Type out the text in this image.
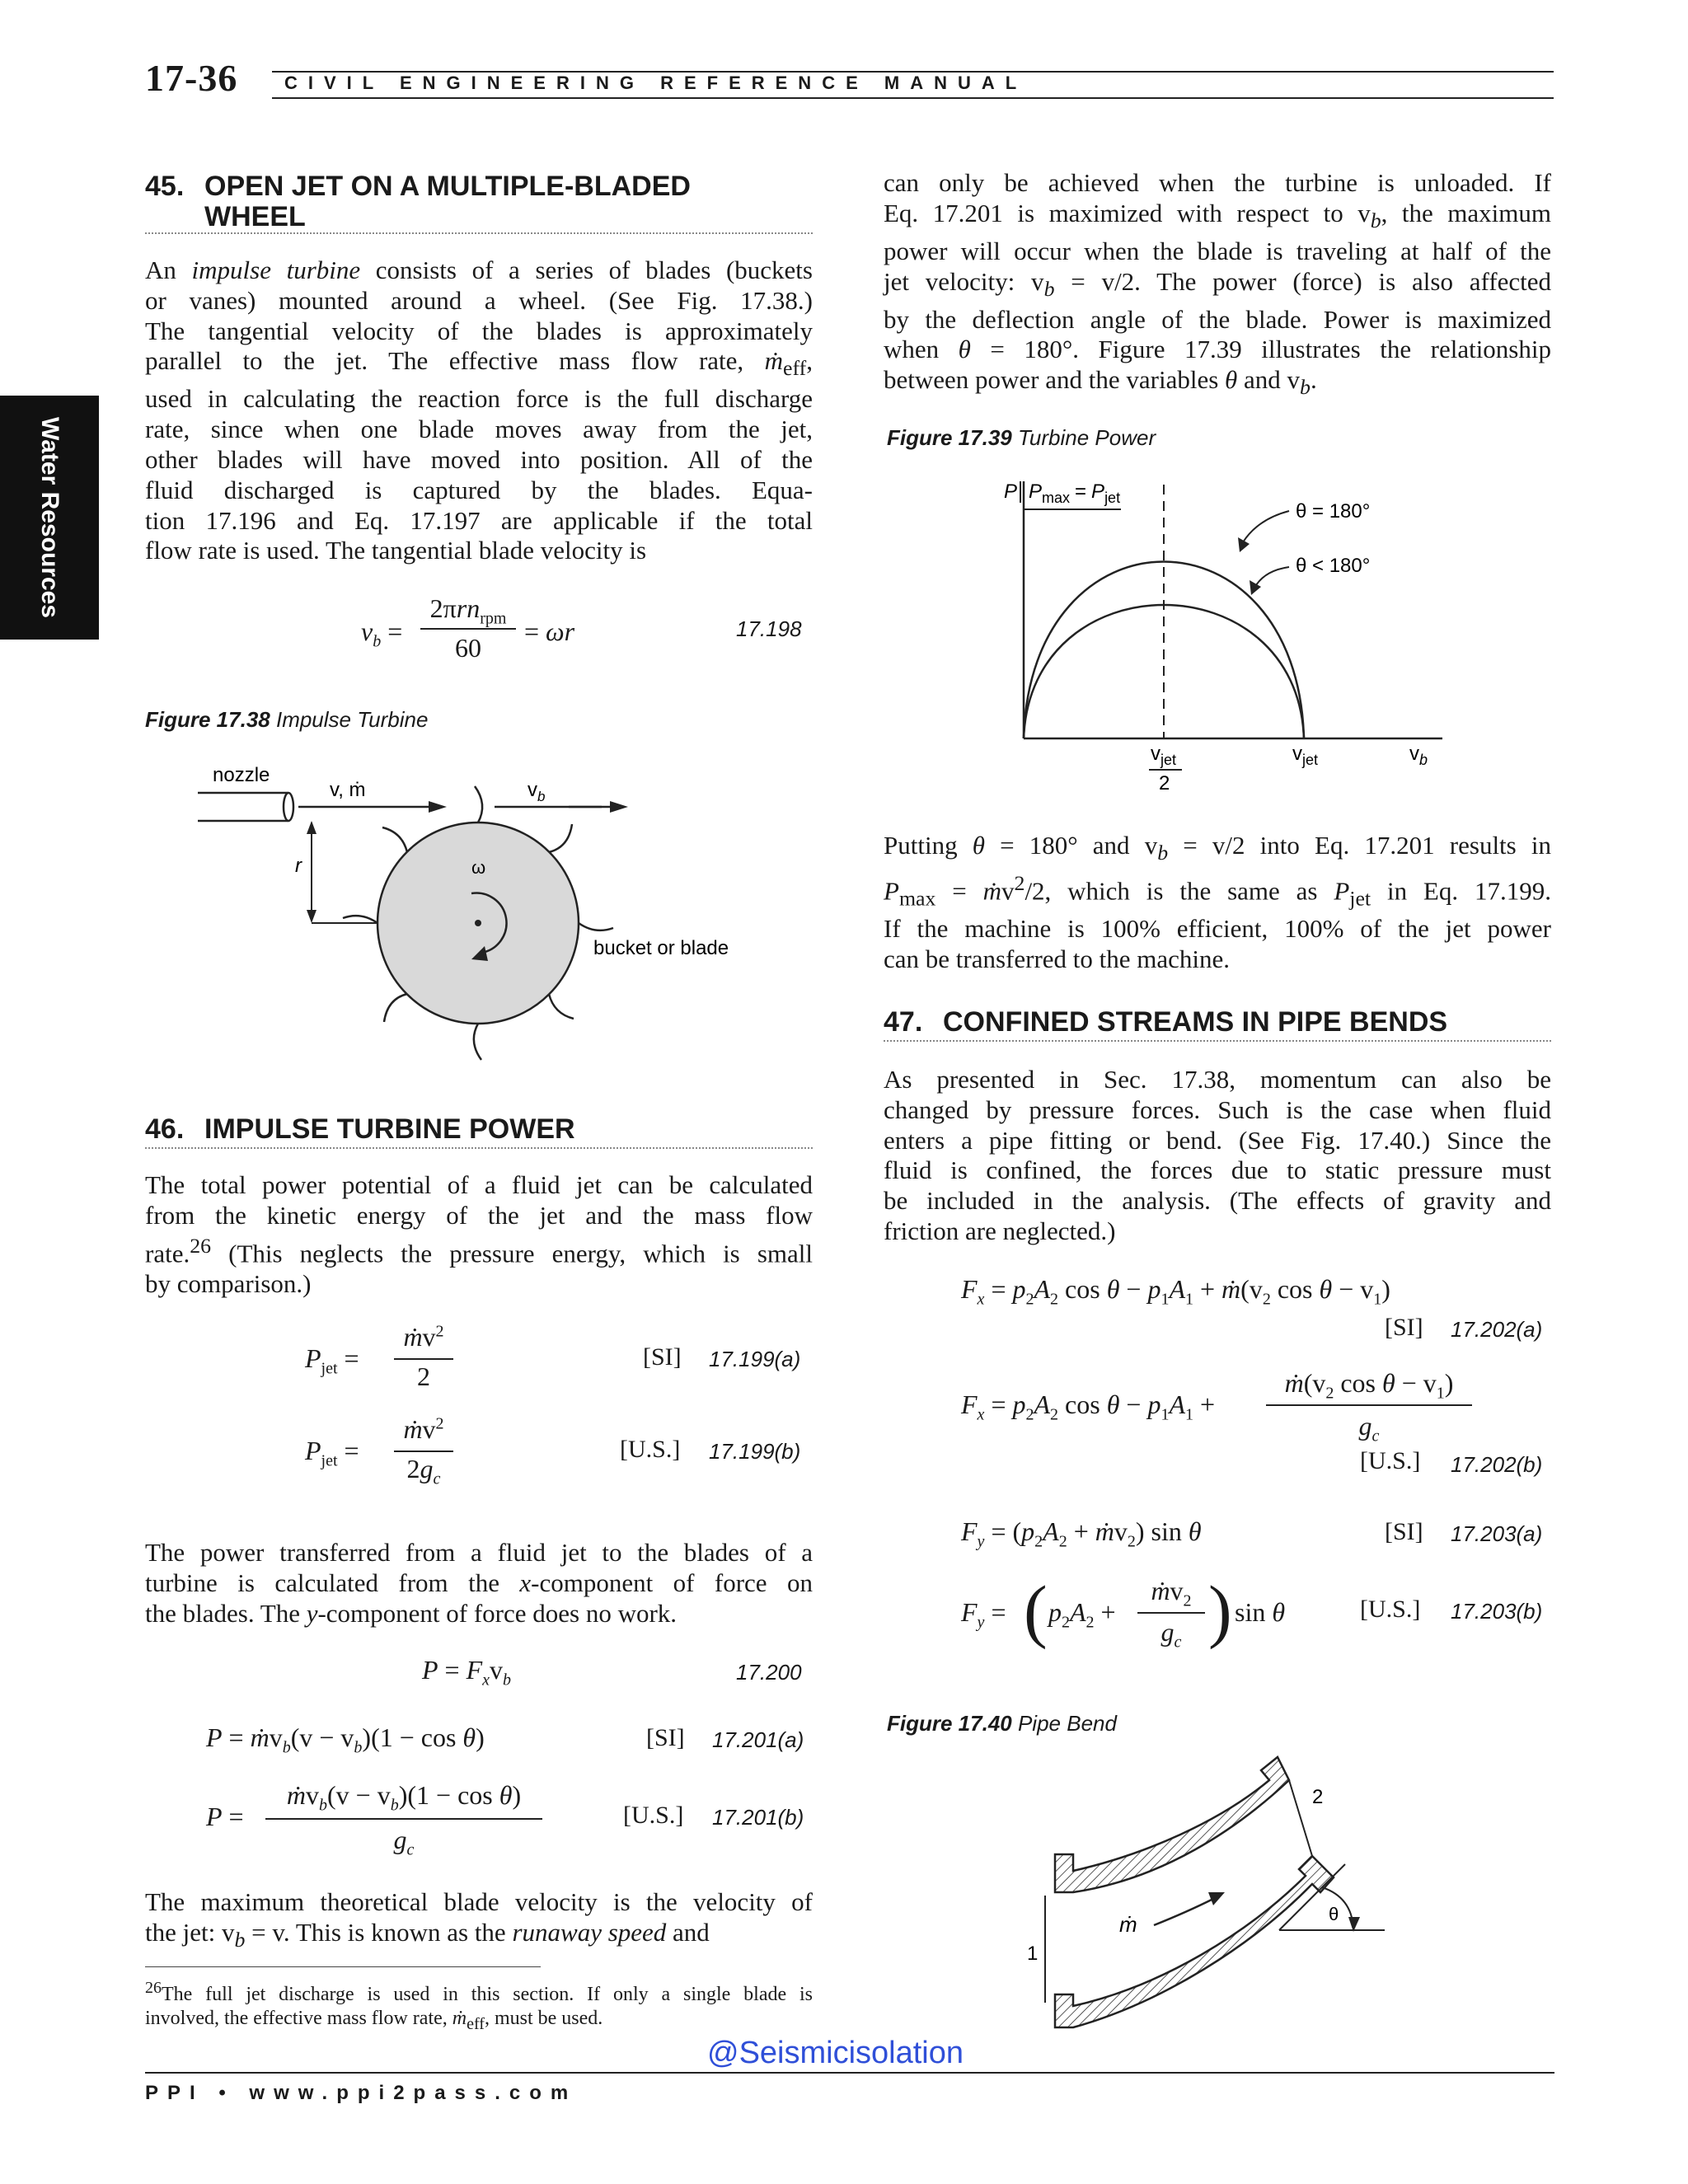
17-36	CIVIL ENGINEERING REFERENCE MANUAL
Water Resources
45. OPEN JET ON A MULTIPLE-BLADED
WHEEL
An impulse turbine consists of a series of blades (buckets
or vanes) mounted around a wheel. (See Fig. 17.38.)
The tangential velocity of the blades is approximately
parallel to the jet. The effective mass flow rate, ṁ$_{eff}$,
used in calculating the reaction force is the full discharge
rate, since when one blade moves away from the jet,
other blades will have moved into position. All of the
fluid discharged is captured by the blades. Equa-
tion 17.196 and Eq. 17.197 are applicable if the total
flow rate is used. The tangential blade velocity is
$v_b$ =
2πrn$_{rpm}$
60
= ωr	17.198
Figure 17.38 Impulse Turbine
nozzle
v, ṁ	$v_b$
r	ω
bucket or blade
46. IMPULSE TURBINE POWER
The total power potential of a fluid jet can be calculated
from the kinetic energy of the jet and the mass flow
rate.$^{26}$ (This neglects the pressure energy, which is small
by comparison.)
$P_{jet}$ =
ṁv$^2$
2
[SI] 17.199(a)
$P_{jet}$ =
ṁv$^2$
$2g_c$
[U.S.] 17.199(b)
The power transferred from a fluid jet to the blades of a
turbine is calculated from the x-component of force on
the blades. The y-component of force does no work.
$P = F_xv_b$	17.200
P = ṁv$_b$(v − $v_b)(1 - \cos \theta)$	[SI] 17.201(a)
P =
ṁv$_b$(v − $v_b)(1 - \cos \theta)$
$g_c$
[U.S.] 17.201(b)
The maximum theoretical blade velocity is the velocity of
the jet: $v_b = v$. This is known as the runaway speed and
$^{26}$The full jet discharge is used in this section. If only a single blade is
involved, the effective mass flow rate, ṁ$_{eff}$, must be used.
can only be achieved when the turbine is unloaded. If
Eq. 17.201 is maximized with respect to $v_b$, the maximum
power will occur when the blade is traveling at half of the
jet velocity: $v_b = v/2$. The power (force) is also affected
by the deflection angle of the blade. Power is maximized
when θ = 180°. Figure 17.39 illustrates the relationship
between power and the variables θ and $v_b$.
Figure 17.39 Turbine Power
P $P_{max} = P_{jet}$
θ = 180°
θ < 180°
$v_{jet}$
2
$v_{jet}$	$v_b$
Putting θ = 180° and $v_b = v/2$ into Eq. 17.201 results in
$P_{max}$ = ṁv$^2$/2, which is the same as $P_{jet}$ in Eq. 17.199.
If the machine is 100% efficient, 100% of the jet power
can be transferred to the machine.
47. CONFINED STREAMS IN PIPE BENDS
As presented in Sec. 17.38, momentum can also be
changed by pressure forces. Such is the case when fluid
enters a pipe fitting or bend. (See Fig. 17.40.) Since the
fluid is confined, the forces due to static pressure must
be included in the analysis. (The effects of gravity and
friction are neglected.)
$F_x = p_2A_2$ $\cos \theta - p_1A_1$ + $ṁ(v_2$ $\cos \theta - v_1$)
[SI] 17.202(a)
$F_x = p_2A_2$ $\cos \theta - p_1A_1$ +
$ṁ(v_2$ $\cos \theta - v_1$)
$g_c$
[U.S.] 17.202(b)
$F_y = (p_2A_2$ + ṁv$_2$) sin θ	[SI] 17.203(a)
$F_y$ = ( $p_2A_2$ +
ṁv$_2$
$g_c$ ) sin θ	[U.S.] 17.203(b)
Figure 17.40 Pipe Bend
1
2
ṁ	θ
PPI • www.ppi2pass.com
@Seismicisolation
